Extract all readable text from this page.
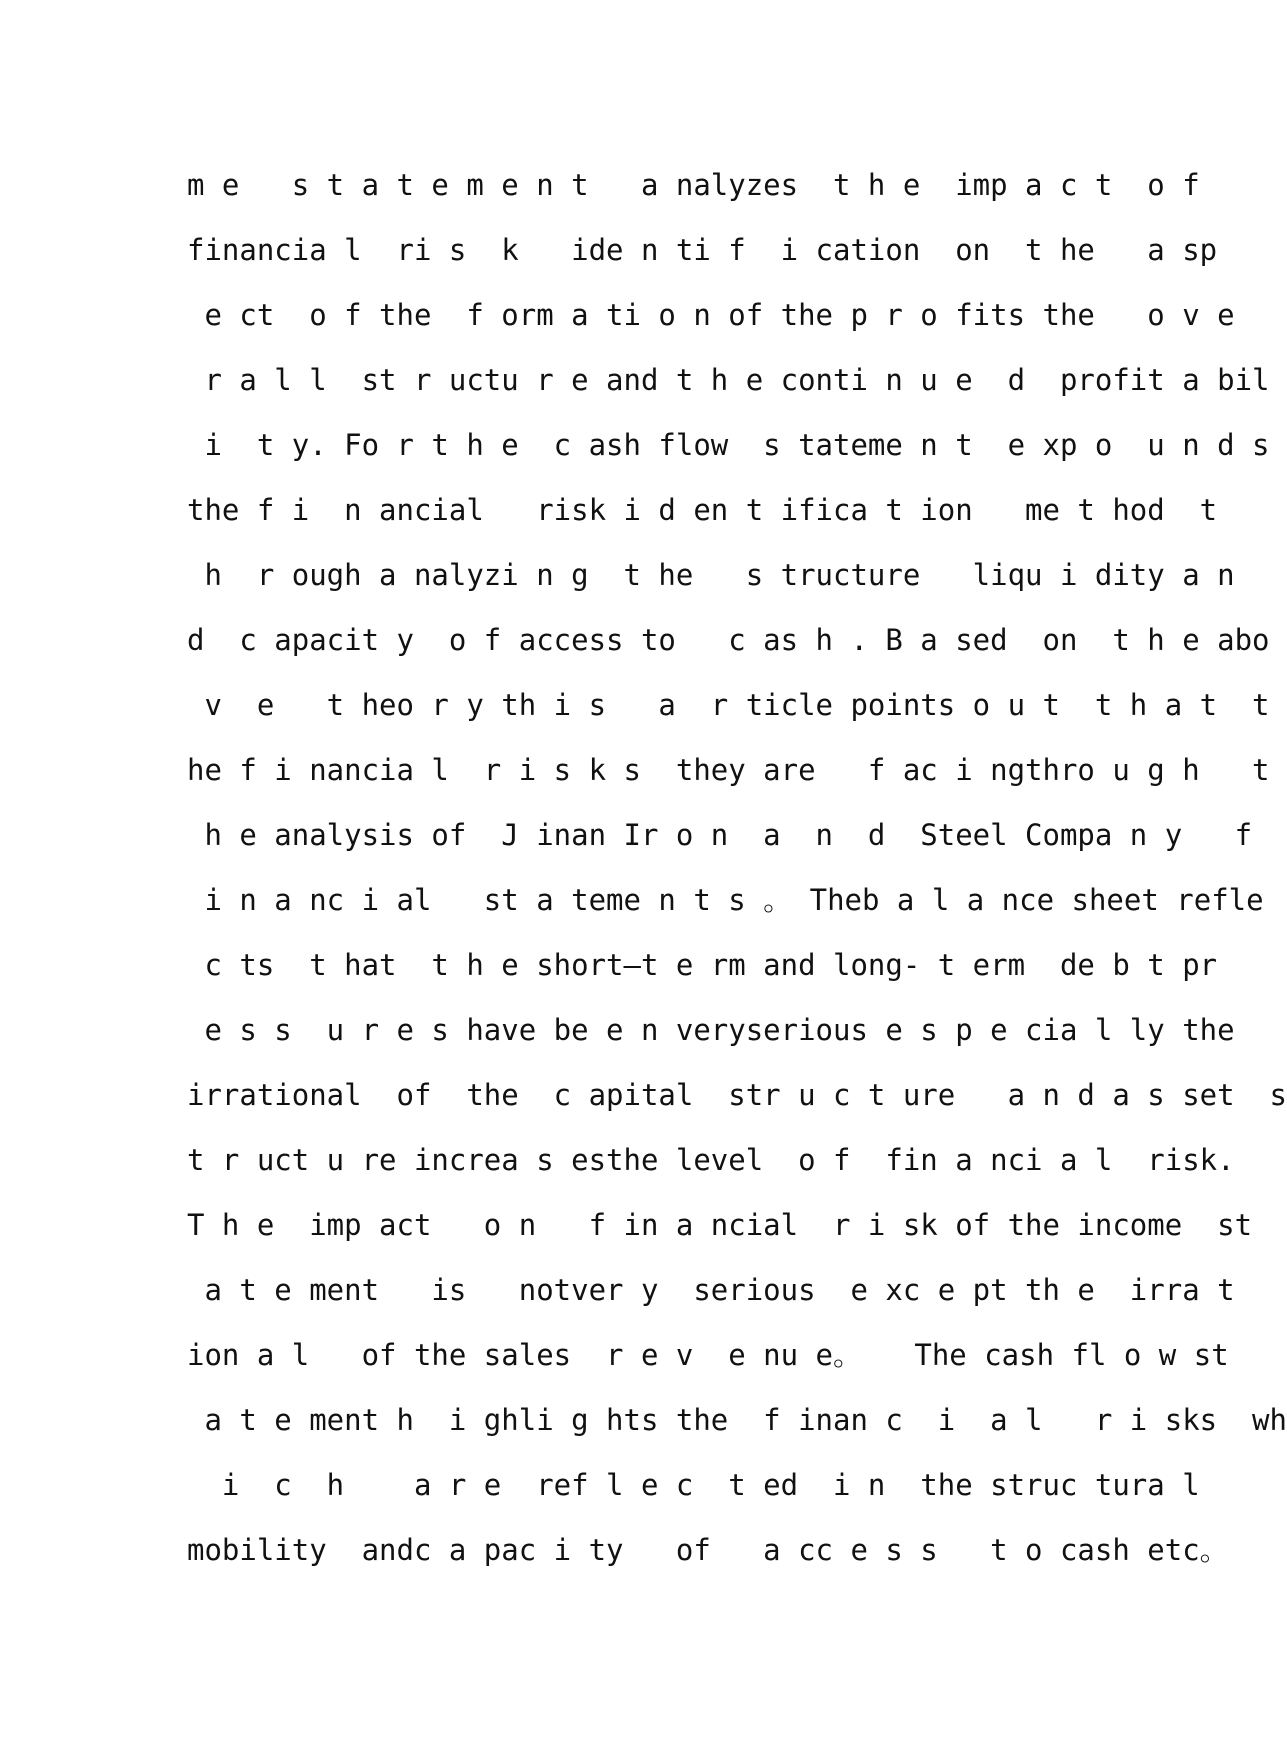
m e   s t a t e m e n t   a nalyzes  t h e  imp a c t  o f
financia l  ri s  k   ide n ti f  i cation  on  t he   a sp
e ct  o f the  f orm a ti o n of the p r o fits the   o v e
r a l l  st r uctu r e and t h e conti n u e  d  profit a bil
i  t y. Fo r t h e  c ash flow  s tateme n t  e xp o  u n d s
the f i  n ancial   risk i d en t ifica t ion   me t hod  t
h  r ough a nalyzi n g  t he   s tructure   liqu i dity a n
d  c apacit y  o f access to   c as h . B a sed  on  t h e abo
v  e   t heo r y th i s   a  r ticle points o u t  t h a t  t
he f i nancia l  r i s k s  they are   f ac i ngthro u g h   t
h e analysis of  J inan Ir o n  a  n  d  Steel Compa n y   f
i n a nc i al   st a teme n t s 。 Theb a l a nce sheet refle
c ts  t hat  t h e short—t e rm and long- t erm  de b t pr
e s s  u r e s have be e n veryserious e s p e cia l ly the
irrational  of  the  c apital  str u c t ure   a n d a s set  s
t r uct u re increa s esthe level  o f  fin a nci a l  risk.
T h e  imp act   o n   f in a ncial  r i sk of the income  st
a t e ment   is   notver y  serious  e xc e pt th e  irra t
ion a l   of the sales  r e v  e nu e。   The cash fl o w st
a t e ment h  i ghli g hts the  f inan c  i  a l   r i sks  wh
i  c  h    a r e  ref l e c  t ed  i n  the struc tura l
mobility  andc a pac i ty   of   a cc e s s   t o cash etc。
